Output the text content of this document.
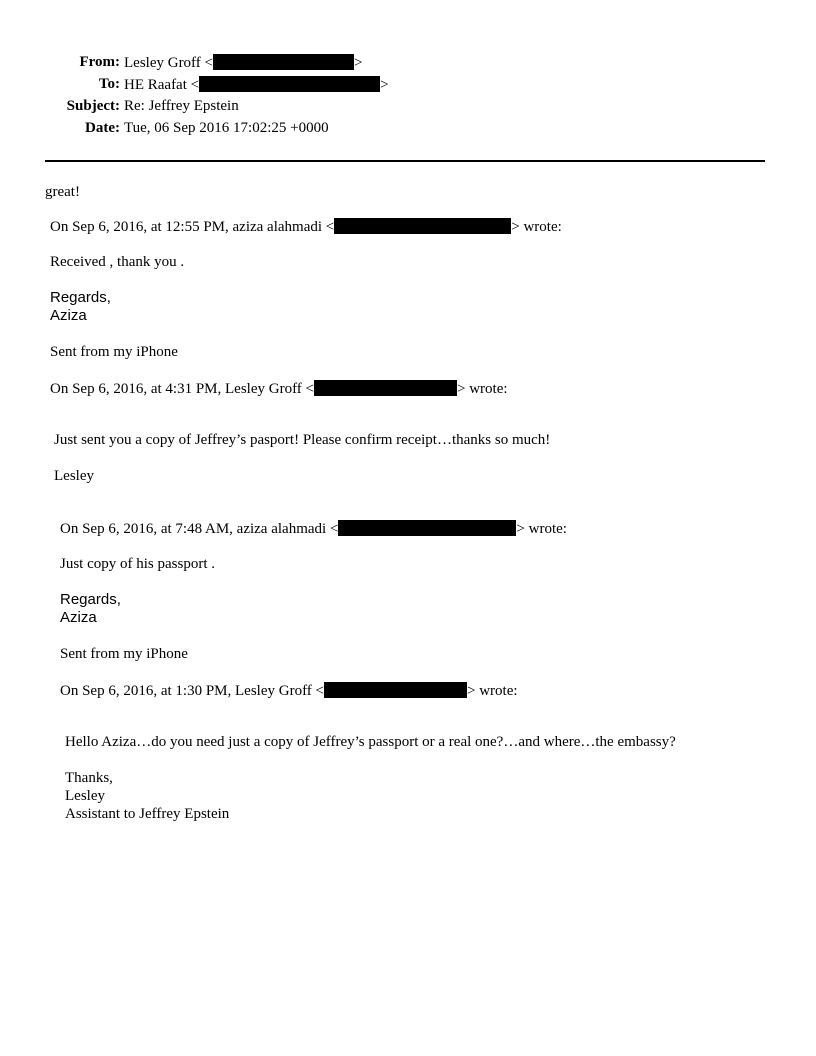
From: Lesley Groff <	>
To: HE Raafat <	>
Subject: Re: Jeffrey Epstein
Date: Tue, 06 Sep 2016 17:02:25 +0000
great!
On Sep 6, 2016, at 12:55 PM, aziza alahmadi <	> wrote:
Received , thank you .
Regards,
Aziza
Sent from my iPhone
On Sep 6, 2016, at 4:31 PM, Lesley Groff <	> wrote:
Just sent you a copy of Jeffrey’s pasport! Please confirm receipt…thanks so much!
Lesley
On Sep 6, 2016, at 7:48 AM, aziza alahmadi <	> wrote:
Just copy of his passport .
Regards,
Aziza
Sent from my iPhone
On Sep 6, 2016, at 1:30 PM, Lesley Groff <	> wrote:
Hello Aziza…do you need just a copy of Jeffrey’s passport or a real one?…and where…the embassy?
Thanks,
Lesley
Assistant to Jeffrey Epstein
